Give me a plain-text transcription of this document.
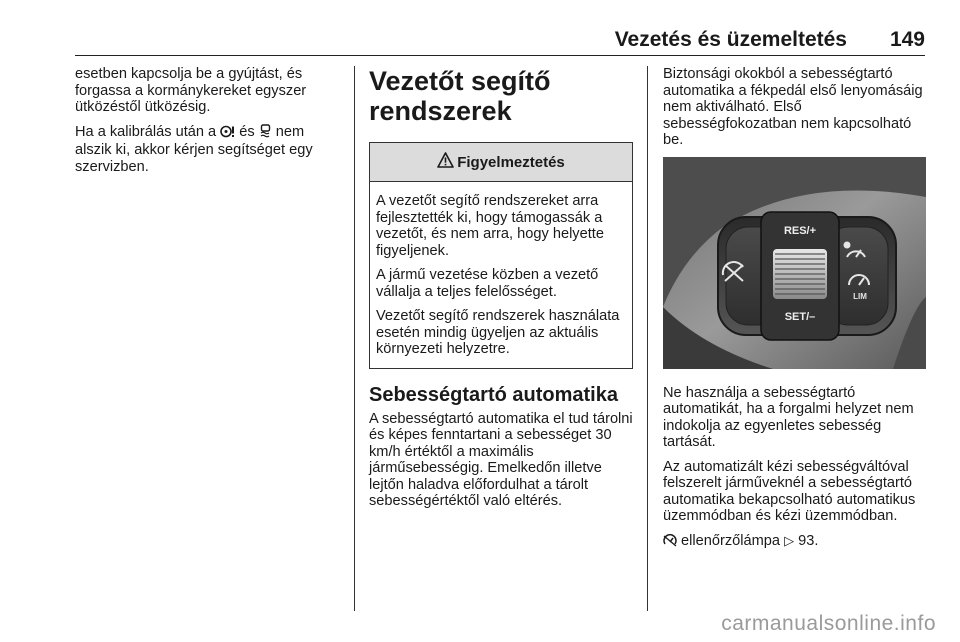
Vezetés és üzemeltetés 149

esetben kapcsolja be a gyújtást, és forgassa a kormánykereket egyszer ütközéstől ütközésig.

Ha a kalibrálás után a  és  nem alszik ki, akkor kérjen segítséget egy szervizben.

Vezetőt segítő rendszerek
Figyelmeztetés

A vezetőt segítő rendszereket arra fejlesztették ki, hogy támogassák a vezetőt, és nem arra, hogy helyette figyeljenek.

A jármű vezetése közben a vezető vállalja a teljes felelősséget.

Vezetőt segítő rendszerek használata esetén mindig ügyeljen az aktuális környezeti helyzetre.

Sebességtartó automatika

A sebességtartó automatika el tud tárolni és képes fenntartani a sebességet 30 km/h értéktől a maximális járműsebességig. Emelkedőn illetve lejtőn haladva előfordulhat a tárolt sebességértéktől való eltérés.

Biztonsági okokból a sebességtartó automatika a fékpedál első lenyomásáig nem aktiválható. Első sebességfokozatban nem kapcsolható be.

RES/+
SET/–
LIM

Ne használja a sebességtartó automatikát, ha a forgalmi helyzet nem indokolja az egyenletes sebesség tartását.

Az automatizált kézi sebességváltóval felszerelt járműveknél a sebességtartó automatika bekapcsolható automatikus üzemmódban és kézi üzemmódban.

ellenőrzőlámpa ▷ 93.

carmanualsonline.info
